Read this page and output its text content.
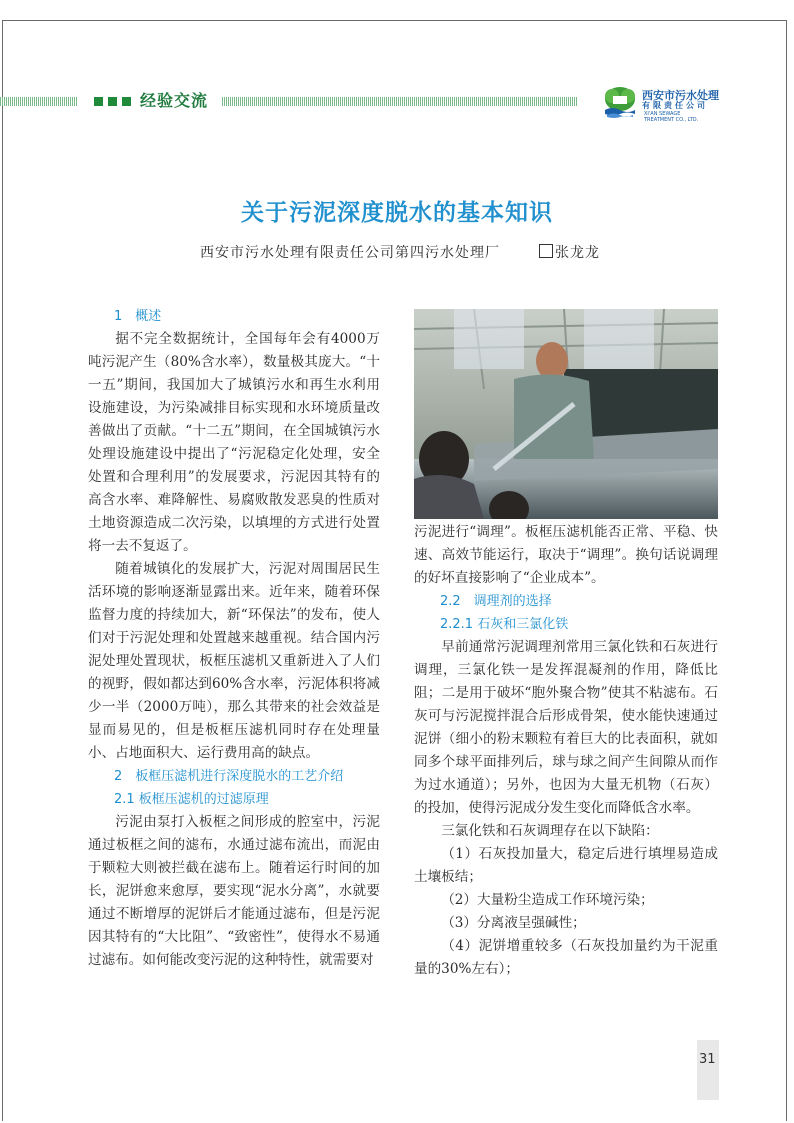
经验交流	西安市污水处理
有限责任公司
XI'AN SEWAGE
TREATMENT CO., LTD.
关于污泥深度脱水的基本知识
西安市污水处理有限责任公司第四污水处理厂	张龙龙
1　概述

据不完全数据统计，全国每年会有4000万吨污泥产生（80%含水率），数量极其庞大。“十一五”期间，我国加大了城镇污水和再生水利用设施建设，为污染减排目标实现和水环境质量改善做出了贡献。“十二五”期间，在全国城镇污水处理设施建设中提出了“污泥稳定化处理，安全处置和合理利用”的发展要求，污泥因其特有的高含水率、难降解性、易腐败散发恶臭的性质对土地资源造成二次污染，以填埋的方式进行处置将一去不复返了。

随着城镇化的发展扩大，污泥对周围居民生活环境的影响逐渐显露出来。近年来，随着环保监督力度的持续加大，新“环保法”的发布，使人们对于污泥处理和处置越来越重视。结合国内污泥处理处置现状，板框压滤机又重新进入了人们的视野，假如都达到60%含水率，污泥体积将减少一半（2000万吨），那么其带来的社会效益是显而易见的，但是板框压滤机同时存在处理量小、占地面积大、运行费用高的缺点。

2　板框压滤机进行深度脱水的工艺介绍
2.1 板框压滤机的过滤原理

污泥由泵打入板框之间形成的腔室中，污泥通过板框之间的滤布，水通过滤布流出，而泥由于颗粒大则被拦截在滤布上。随着运行时间的加长，泥饼愈来愈厚，要实现“泥水分离”，水就要通过不断增厚的泥饼后才能通过滤布，但是污泥因其特有的“大比阻”、“致密性”，使得水不易通过滤布。如何能改变污泥的这种特性，就需要对

污泥进行“调理”。板框压滤机能否正常、平稳、快速、高效节能运行，取决于“调理”。换句话说调理的好坏直接影响了“企业成本”。

2.2　调理剂的选择
2.2.1 石灰和三氯化铁

早前通常污泥调理剂常用三氯化铁和石灰进行调理，三氯化铁一是发挥混凝剂的作用，降低比阻；二是用于破坏“胞外聚合物”使其不粘滤布。石灰可与污泥搅拌混合后形成骨架，使水能快速通过泥饼（细小的粉末颗粒有着巨大的比表面积，就如同多个球平面排列后，球与球之间产生间隙从而作为过水通道）；另外，也因为大量无机物（石灰）的投加，使得污泥成分发生变化而降低含水率。

三氯化铁和石灰调理存在以下缺陷：

（1）石灰投加量大，稳定后进行填埋易造成土壤板结；

（2）大量粉尘造成工作环境污染；

（3）分离液呈强碱性；

（4）泥饼增重较多（石灰投加量约为干泥重量的30%左右）；

31
